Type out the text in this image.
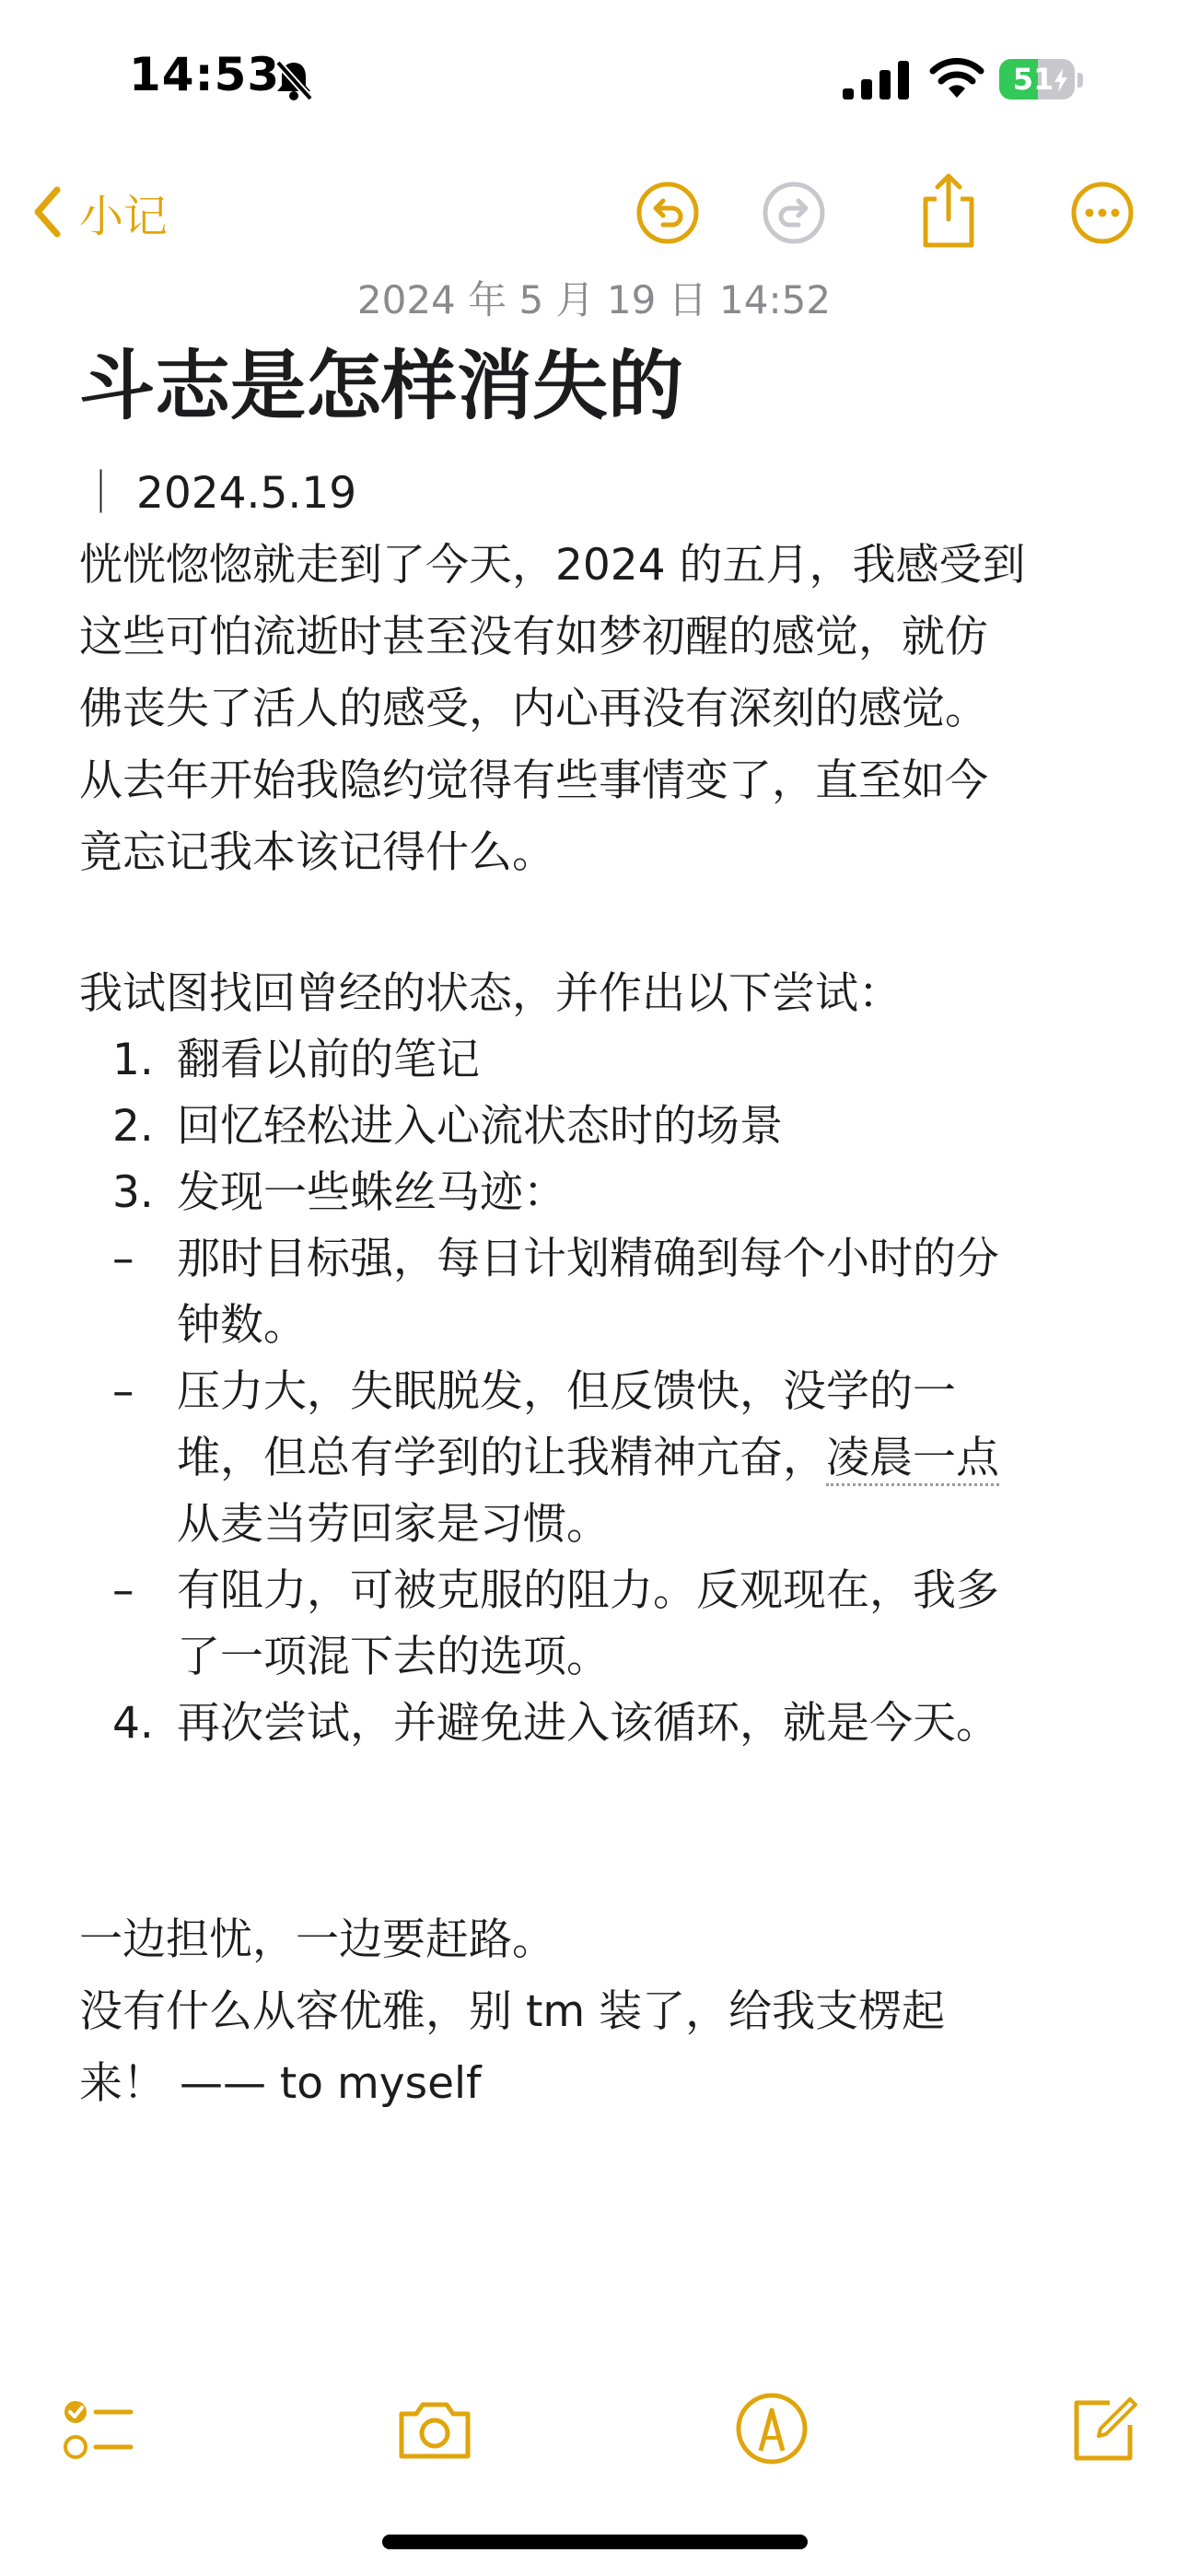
14:53	51
小记
2024 年 5 月 19 日 14:52
斗志是怎样消失的

｜ 2024.5.19

恍恍惚惚就走到了今天，2024 的五月，我感受到

这些可怕流逝时甚至没有如梦初醒的感觉，就仿

佛丧失了活人的感受，内心再没有深刻的感觉。

从去年开始我隐约觉得有些事情变了，直至如今

竟忘记我本该记得什么。

我试图找回曾经的状态，并作出以下尝试：

1. 翻看以前的笔记
2. 回忆轻松进入心流状态时的场景
3. 发现一些蛛丝马迹：
– 那时目标强，每日计划精确到每个小时的分
钟数。
– 压力大，失眠脱发，但反馈快，没学的一
堆，但总有学到的让我精神亢奋，凌晨一点
从麦当劳回家是习惯。
– 有阻力，可被克服的阻力。反观现在，我多
了一项混下去的选项。
4. 再次尝试，并避免进入该循环，就是今天。

一边担忧，一边要赶路。

没有什么从容优雅，别 tm 装了，给我支楞起

来！ —— to myself
